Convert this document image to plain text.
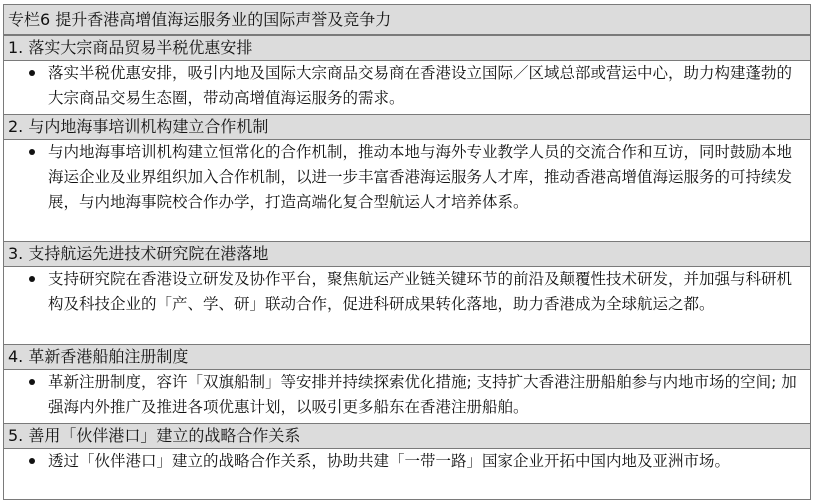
专栏6 提升香港高增值海运服务业的国际声誉及竞争力
1. 落实大宗商品贸易半税优惠安排

落实半税优惠安排，吸引内地及国际大宗商品交易商在香港设立国际／区域总部或营运中心，助力构建蓬勃的大宗商品交易生态圈，带动高增值海运服务的需求。

2. 与内地海事培训机构建立合作机制

与内地海事培训机构建立恒常化的合作机制，推动本地与海外专业教学人员的交流合作和互访，同时鼓励本地海运企业及业界组织加入合作机制，以进一步丰富香港海运服务人才库，推动香港高增值海运服务的可持续发展，与内地海事院校合作办学，打造高端化复合型航运人才培养体系。

3. 支持航运先进技术研究院在港落地

支持研究院在香港设立研发及协作平台，聚焦航运产业链关键环节的前沿及颠覆性技术研发，并加强与科研机构及科技企业的「产、学、研」联动合作，促进科研成果转化落地，助力香港成为全球航运之都。

4. 革新香港船舶注册制度

革新注册制度，容许「双旗船制」等安排并持续探索优化措施; 支持扩大香港注册船舶参与内地市场的空间; 加强海内外推广及推进各项优惠计划，以吸引更多船东在香港注册船舶。

5. 善用「伙伴港口」建立的战略合作关系

透过「伙伴港口」建立的战略合作关系，协助共建「一带一路」国家企业开拓中国内地及亚洲市场。
